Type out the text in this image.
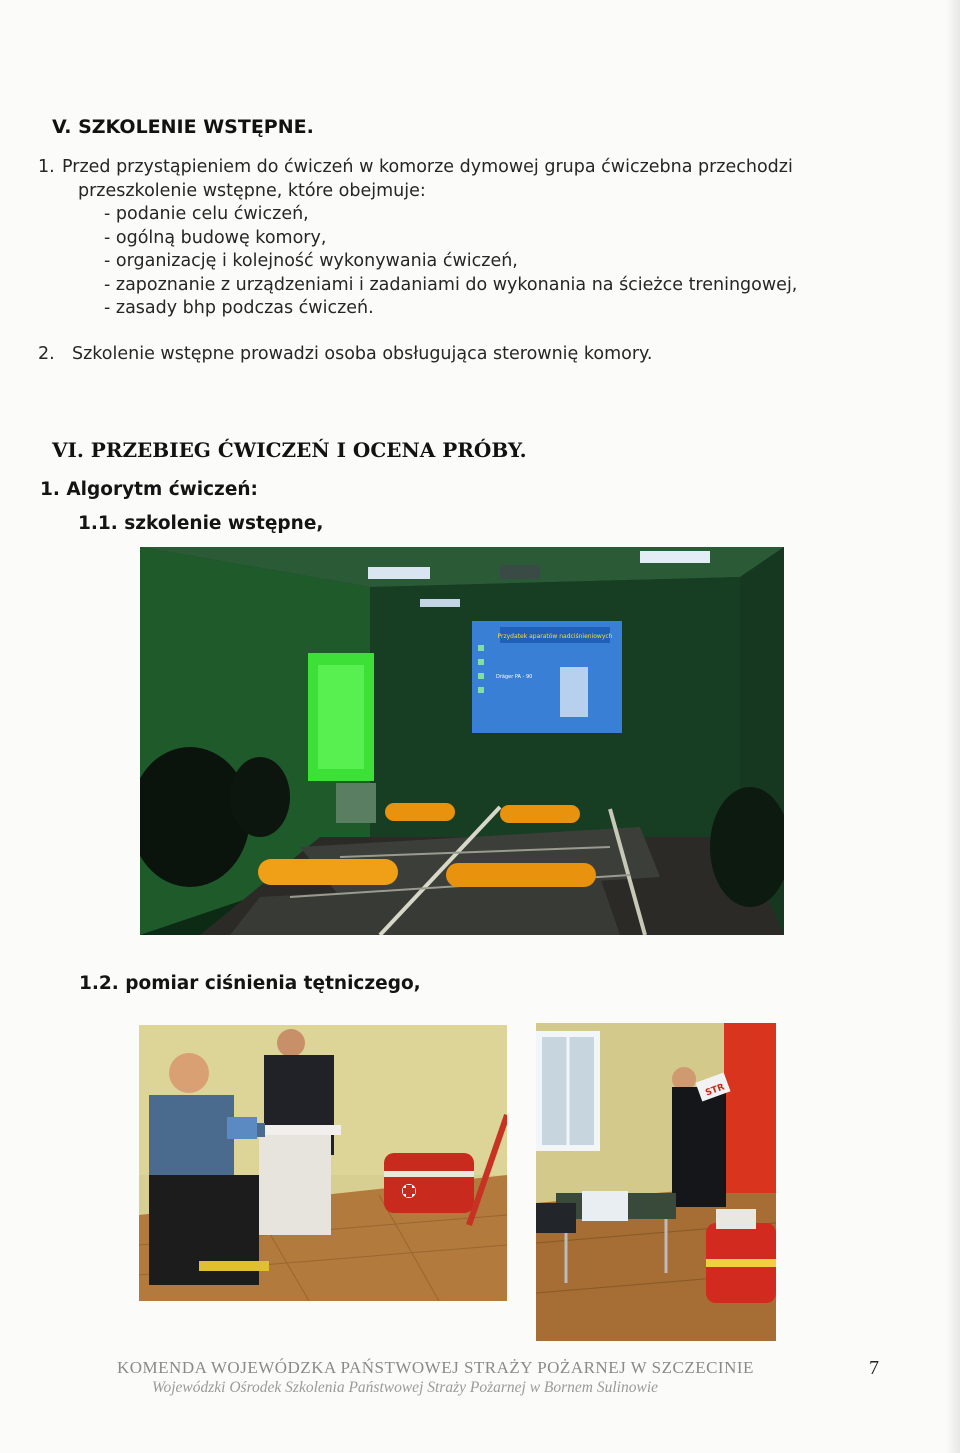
V. SZKOLENIE WSTĘPNE.
1. Przed przystąpieniem do ćwiczeń w komorze dymowej grupa ćwiczebna przechodzi
przeszkolenie wstępne, które obejmuje:
- podanie celu ćwiczeń,
- ogólną budowę komory,
- organizację i kolejność wykonywania ćwiczeń,
- zapoznanie z urządzeniami i zadaniami do wykonania na ścieżce treningowej,
- zasady bhp podczas ćwiczeń.
2. Szkolenie wstępne prowadzi osoba obsługująca sterownię komory.
VI. PRZEBIEG ĆWICZEŃ I OCENA PRÓBY.
1. Algorytm ćwiczeń:
1.1. szkolenie wstępne,
Przydatek aparatów nadciśnieniowych
Dräger PA - 90
1.2. pomiar ciśnienia tętniczego,
STR
KOMENDA WOJEWÓDZKA PAŃSTWOWEJ STRAŻY POŻARNEJ W SZCZECINIE
Wojewódzki Ośrodek Szkolenia Państwowej Straży Pożarnej w Bornem Sulinowie
7
